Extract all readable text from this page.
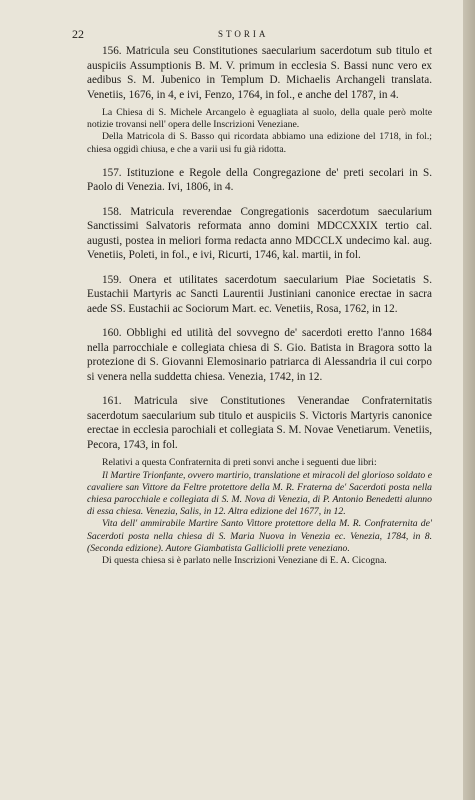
22	STORIA

156. Matricula seu Constitutiones saecularium sacerdotum sub titulo et auspiciis Assumptionis B. M. V. primum in ecclesia S. Bassi nunc vero ex aedibus S. M. Jubenico in Templum D. Michaelis Archangeli translata. Venetiis, 1676, in 4, e ivi, Fenzo, 1764, in fol., e anche del 1787, in 4.

La Chiesa di S. Michele Arcangelo è eguagliata al suolo, della quale però molte notizie trovansi nell' opera delle Inscrizioni Veneziane.

Della Matricola di S. Basso qui ricordata abbiamo una edizione del 1718, in fol.; chiesa oggidì chiusa, e che a varii usi fu già ridotta.

157. Istituzione e Regole della Congregazione de' preti secolari in S. Paolo di Venezia. Ivi, 1806, in 4.

158. Matricula reverendae Congregationis sacerdotum saecularium Sanctissimi Salvatoris reformata anno domini MDCCXXIX tertio cal. augusti, postea in meliori forma redacta anno MDCCLX undecimo kal. aug. Venetiis, Poleti, in fol., e ivi, Ricurti, 1746, kal. martii, in fol.

159. Onera et utilitates sacerdotum saecularium Piae Societatis S. Eustachii Martyris ac Sancti Laurentii Justiniani canonice erectae in sacra aede SS. Eustachii ac Sociorum Mart. ec. Venetiis, Rosa, 1762, in 12.

160. Obblighi ed utilità del sovvegno de' sacerdoti eretto l'anno 1684 nella parrocchiale e collegiata chiesa di S. Gio. Batista in Bragora sotto la protezione di S. Giovanni Elemosinario patriarca di Alessandria il cui corpo si venera nella suddetta chiesa. Venezia, 1742, in 12.

161. Matricula sive Constitutiones Venerandae Confraternitatis sacerdotum saecularium sub titulo et auspiciis S. Victoris Martyris canonice erectae in ecclesia parochiali et collegiata S. M. Novae Venetiarum. Venetiis, Pecora, 1743, in fol.

Relativi a questa Confraternita di preti sonvi anche i seguenti due libri:

Il Martire Trionfante, ovvero martirio, translatione et miracoli del glorioso soldato e cavaliere san Vittore da Feltre protettore della M. R. Fraterna de' Sacerdoti posta nella chiesa parocchiale e collegiata di S. M. Nova di Venezia, di P. Antonio Benedetti alunno di essa chiesa. Venezia, Salis, in 12. Altra edizione del 1677, in 12.

Vita dell' ammirabile Martire Santo Vittore protettore della M. R. Confraternita de' Sacerdoti posta nella chiesa di S. Maria Nuova in Venezia ec. Venezia, 1784, in 8. (Seconda edizione). Autore Giambatista Galliciolli prete veneziano.

Di questa chiesa si è parlato nelle Inscrizioni Veneziane di E. A. Cicogna.
